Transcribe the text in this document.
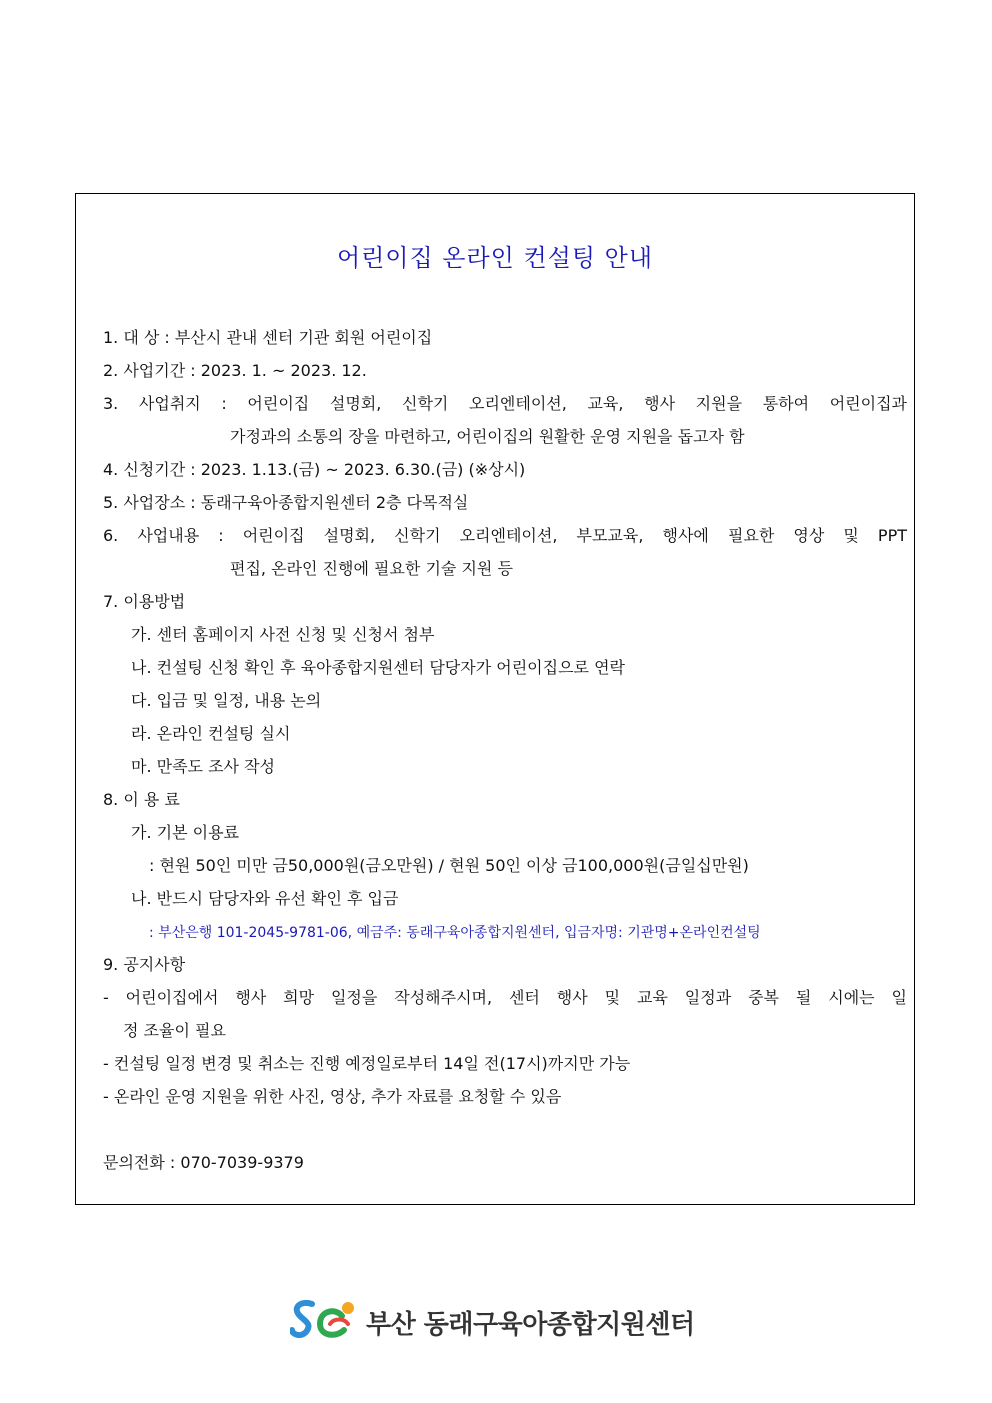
어린이집 온라인 컨설팅 안내
1. 대 상 : 부산시 관내 센터 기관 회원 어린이집
2. 사업기간 : 2023. 1. ~ 2023. 12.
3. 사업취지 : 어린이집 설명회, 신학기 오리엔테이션, 교육, 행사 지원을 통하여 어린이집과
가정과의 소통의 장을 마련하고, 어린이집의 원활한 운영 지원을 돕고자 함
4. 신청기간 : 2023. 1.13.(금) ~ 2023. 6.30.(금) (※상시)
5. 사업장소 : 동래구육아종합지원센터 2층 다목적실
6. 사업내용 : 어린이집 설명회, 신학기 오리엔테이션, 부모교육, 행사에 필요한 영상 및 PPT
편집, 온라인 진행에 필요한 기술 지원 등
7. 이용방법
가. 센터 홈페이지 사전 신청 및 신청서 첨부
나. 컨설팅 신청 확인 후 육아종합지원센터 담당자가 어린이집으로 연락
다. 입금 및 일정, 내용 논의
라. 온라인 컨설팅 실시
마. 만족도 조사 작성
8. 이 용 료
가. 기본 이용료
: 현원 50인 미만 금50,000원(금오만원) / 현원 50인 이상 금100,000원(금일십만원)
나. 반드시 담당자와 유선 확인 후 입금
: 부산은행 101-2045-9781-06, 예금주: 동래구육아종합지원센터, 입금자명: 기관명+온라인컨설팅
9. 공지사항
- 어린이집에서 행사 희망 일정을 작성해주시며, 센터 행사 및 교육 일정과 중복 될 시에는 일
정 조율이 필요
- 컨설팅 일정 변경 및 취소는 진행 예정일로부터 14일 전(17시)까지만 가능
- 온라인 운영 지원을 위한 사진, 영상, 추가 자료를 요청할 수 있음
문의전화 : 070-7039-9379
부산 동래구육아종합지원센터
